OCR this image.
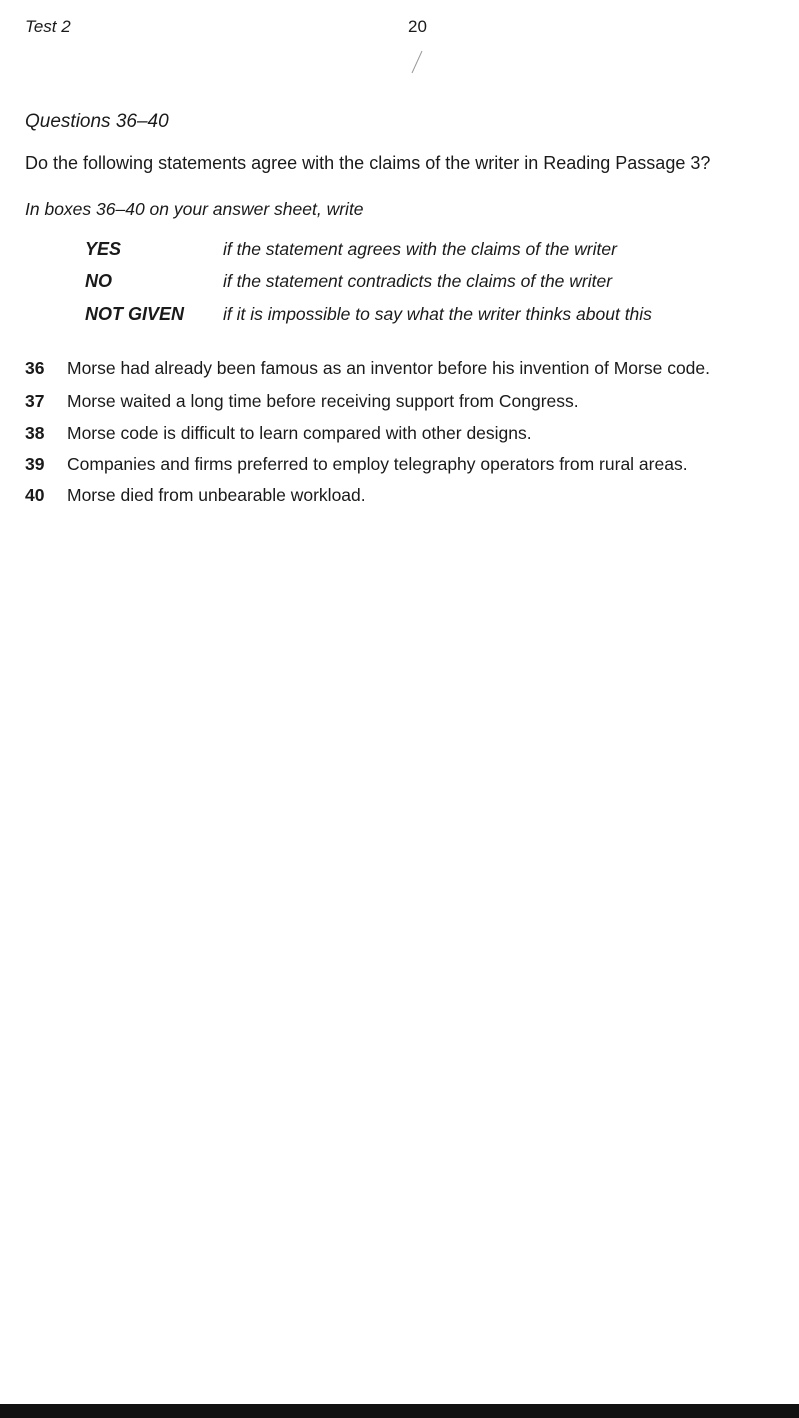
Test 2	20
Questions 36–40
Do the following statements agree with the claims of the writer in Reading Passage 3?
In boxes 36–40 on your answer sheet, write
YES	if the statement agrees with the claims of the writer
NO	if the statement contradicts the claims of the writer
NOT GIVEN if it is impossible to say what the writer thinks about this
36 Morse had already been famous as an inventor before his invention of Morse code.
37 Morse waited a long time before receiving support from Congress.
38 Morse code is difficult to learn compared with other designs.
39 Companies and firms preferred to employ telegraphy operators from rural areas.
40 Morse died from unbearable workload.
